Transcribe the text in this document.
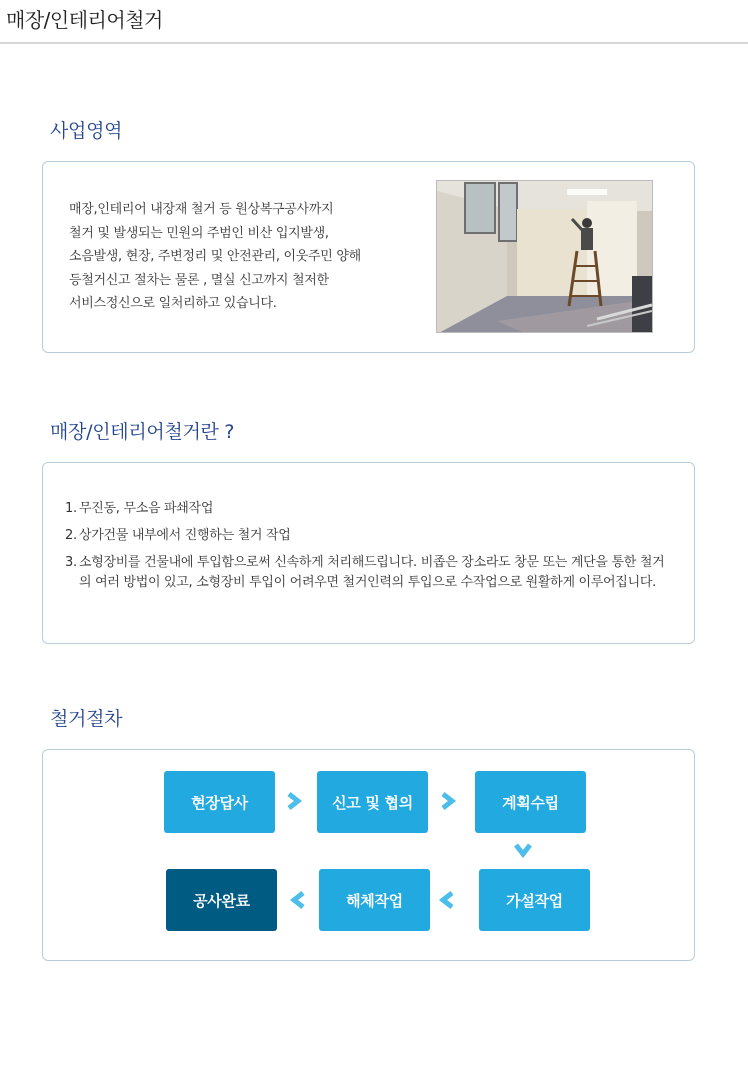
매장/인테리어철거
사업영역

매장,인테리어 내장재 철거 등 원상복구공사까지

철거 및 발생되는 민원의 주범인 비산 입지발생,

소음발생, 현장, 주변정리 및 안전관리, 이웃주민 양해

등철거신고 절차는 물론 , 멸실 신고까지 철저한

서비스정신으로 일처리하고 있습니다.

매장/인테리어철거란 ?
1. 무진동, 무소음 파쇄작업
2. 상가건물 내부에서 진행하는 철거 작업
3. 소형장비를 건물내에 투입함으로써 신속하게 처리해드립니다. 비좁은 장소라도 창문 또는 계단을 통한 철거의 여러 방법이 있고, 소형장비 투입이 어려우면 철거인력의 투입으로 수작업으로 원활하게 이루어집니다.
철거절차
현장답사	신고 및 협의	계획수립
공사완료	해체작업	가설작업
